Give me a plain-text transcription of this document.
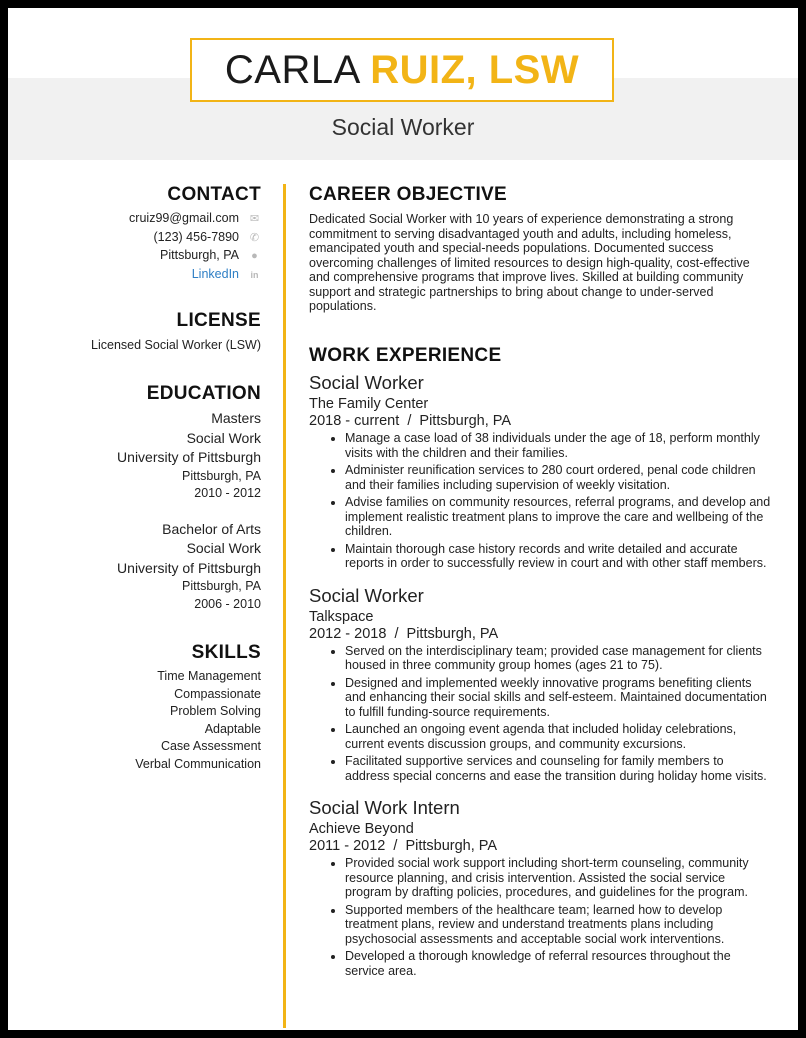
CARLA RUIZ, LSW
Social Worker
CONTACT
cruiz99@gmail.com ✉
(123) 456-7890 ✆
Pittsburgh, PA ●
LinkedIn in
LICENSE
Licensed Social Worker (LSW)
EDUCATION
Masters
Social Work
University of Pittsburgh
Pittsburgh, PA
2010 - 2012
Bachelor of Arts
Social Work
University of Pittsburgh
Pittsburgh, PA
2006 - 2010
SKILLS
Time Management
Compassionate
Problem Solving
Adaptable
Case Assessment
Verbal Communication
CAREER OBJECTIVE
Dedicated Social Worker with 10 years of experience demonstrating a strong commitment to serving disadvantaged youth and adults, including homeless, emancipated youth and special-needs populations. Documented success overcoming challenges of limited resources to design high-quality, cost-effective and comprehensive programs that improve lives. Skilled at building community support and strategic partnerships to bring about change to under-served populations.
WORK EXPERIENCE
Social Worker
The Family Center
2018 - current  /  Pittsburgh, PA
• Manage a case load of 38 individuals under the age of 18, perform monthly visits with the children and their families.
• Administer reunification services to 280 court ordered, penal code children and their families including supervision of weekly visitation.
• Advise families on community resources, referral programs, and develop and implement realistic treatment plans to improve the care and wellbeing of the children.
• Maintain thorough case history records and write detailed and accurate reports in order to successfully review in court and with other staff members.
Social Worker
Talkspace
2012 - 2018  /  Pittsburgh, PA
• Served on the interdisciplinary team; provided case management for clients housed in three community group homes (ages 21 to 75).
• Designed and implemented weekly innovative programs benefiting clients and enhancing their social skills and self-esteem. Maintained documentation to fulfill funding-source requirements.
• Launched an ongoing event agenda that included holiday celebrations, current events discussion groups, and community excursions.
• Facilitated supportive services and counseling for family members to address special concerns and ease the transition during holiday home visits.
Social Work Intern
Achieve Beyond
2011 - 2012  /  Pittsburgh, PA
• Provided social work support including short-term counseling, community resource planning, and crisis intervention. Assisted the social service program by drafting policies, procedures, and guidelines for the program.
• Supported members of the healthcare team; learned how to develop treatment plans, review and understand treatments plans including psychosocial assessments and acceptable social work interventions.
• Developed a thorough knowledge of referral resources throughout the service area.
